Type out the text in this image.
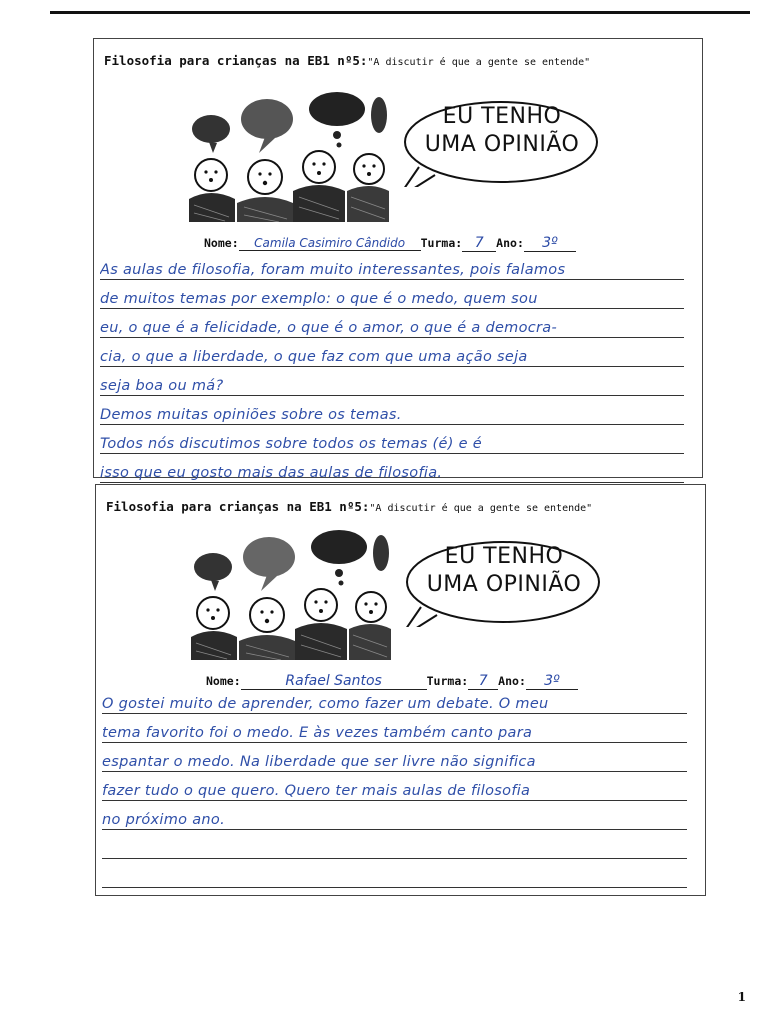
Filosofia para crianças na EB1 nº5:"A discutir é que a gente se entende"
EU TENHO
UMA OPINIÃO
Nome: Camila Casimiro Cândido Turma: 7 Ano: 3º
As aulas de filosofia, foram muito interessantes, pois falamos
de muitos temas por exemplo: o que é o medo, quem sou
eu, o que é a felicidade, o que é o amor, o que é a democra-
cia, o que a liberdade, o que faz com que uma ação seja
seja boa ou má?
Demos muitas opiniões sobre os temas.
Todos nós discutimos sobre todos os temas (é) e é
isso que eu gosto mais das aulas de filosofia.
Filosofia para crianças na EB1 nº5:"A discutir é que a gente se entende"
EU TENHO
UMA OPINIÃO
Nome:	Rafael Santos	Turma: 7 Ano: 3º
O gostei muito de aprender, como fazer um debate. O meu
tema favorito foi o medo. E às vezes também canto para
espantar o medo. Na liberdade que ser livre não significa
fazer tudo o que quero. Quero ter mais aulas de filosofia
no próximo ano.
1
